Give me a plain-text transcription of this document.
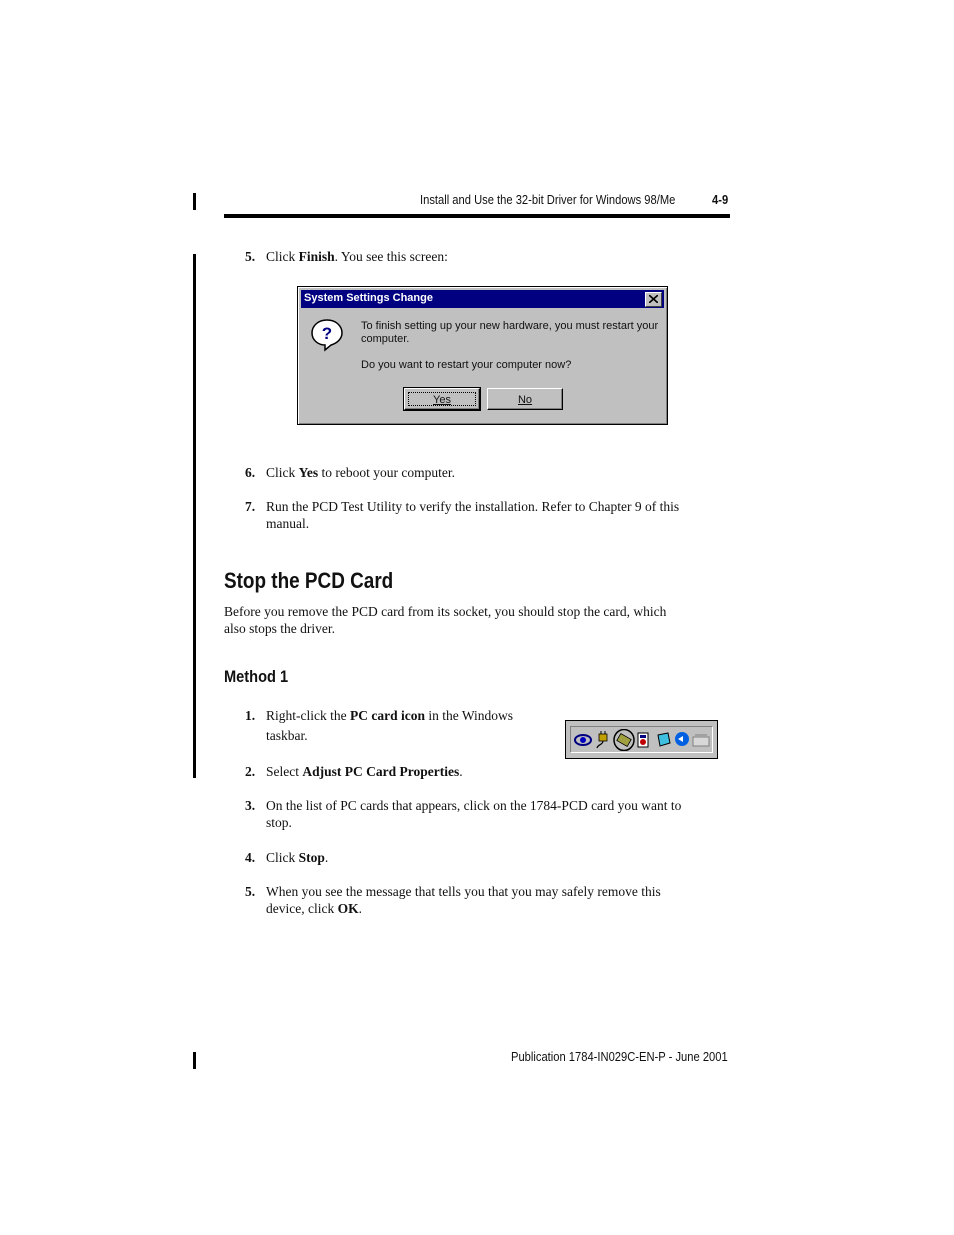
Install and Use the 32-bit Driver for Windows 98/Me	4-9
5. Click Finish. You see this screen:
System Settings Change
?	To finish setting up your new hardware, you must restart your
computer.
Do you want to restart your computer now?
Yes	No
6. Click Yes to reboot your computer.
7. Run the PCD Test Utility to verify the installation. Refer to Chapter 9 of this
manual.
Stop the PCD Card
Before you remove the PCD card from its socket, you should stop the card, which
also stops the driver.
Method 1
1. Right-click the PC card icon in the Windows
taskbar.
2. Select Adjust PC Card Properties.
3. On the list of PC cards that appears, click on the 1784-PCD card you want to
stop.
4. Click Stop.
5. When you see the message that tells you that you may safely remove this
device, click OK.
Publication 1784-IN029C-EN-P - June 2001
